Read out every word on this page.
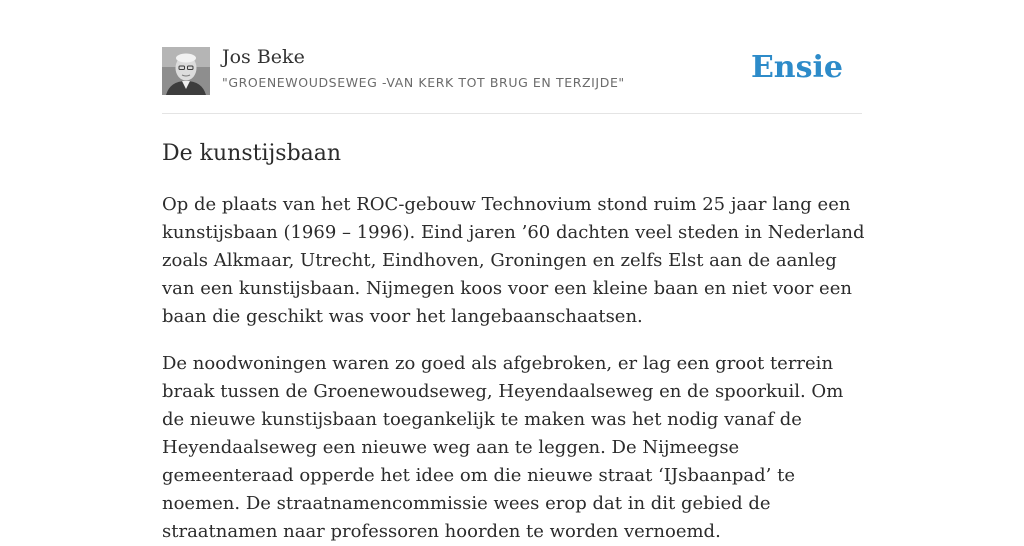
Jos Beke
"GROENEWOUDSEWEG -VAN KERK TOT BRUG EN TERZIJDE"	Ensie
De kunstijsbaan

Op de plaats van het ROC-gebouw Technovium stond ruim 25 jaar lang een kunstijsbaan (1969 – 1996). Eind jaren ’60 dachten veel steden in Nederland zoals Alkmaar, Utrecht, Eindhoven, Groningen en zelfs Elst aan de aanleg van een kunstijsbaan. Nijmegen koos voor een kleine baan en niet voor een baan die geschikt was voor het langebaanschaatsen.

De noodwoningen waren zo goed als afgebroken, er lag een groot terrein braak tussen de Groenewoudseweg, Heyendaalseweg en de spoorkuil. Om de nieuwe kunstijsbaan toegankelijk te maken was het nodig vanaf de Heyendaalseweg een nieuwe weg aan te leggen. De Nijmeegse gemeenteraad opperde het idee om die nieuwe straat ‘IJsbaanpad’ te noemen. De straatnamencommissie wees erop dat in dit gebied de straatnamen naar professoren hoorden te worden vernoemd.
